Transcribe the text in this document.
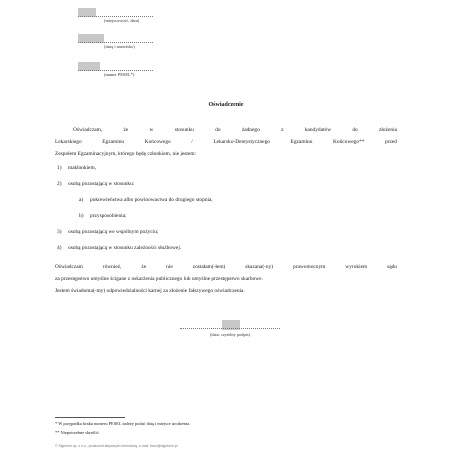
(miejscowość, data)
(imię i nazwisko)
(numer PESEL*)
Oświadczenie
Oświadczam, że w stosunku do żadnego z kandydatów do złożenia
Lekarskiego Egzaminu Końcowego / Lekarsko-Dentystycznego Egzaminu Końcowego** przed
Zespołem Egzaminacyjnym, którego będę członkiem, nie jestem:
1) małżonkiem,
2) osobą pozostającą w stosunku:
a) pokrewieństwa albo powinowactwa do drugiego stopnia,
b) przysposobienia;
3) osobą pozostającą we wspólnym pożyciu;
4) osobą pozostającą w stosunku zależności służbowej.
Oświadczam również, że nie zostałam(-łem) skazana(-ny) prawomocnym wyrokiem sądu
za przestępstwo umyślne ścigane z oskarżenia publicznego lub umyślne przestępstwo skarbowe.
Jestem świadoma(-my) odpowiedzialności karnej za złożenie fałszywego oświadczenia.
(data, czytelny podpis)
* W przypadku braku numeru PESEL należy podać datę i miejsce urodzenia.
** Niepotrzebne skreślić.
© Signform sp. z o.o., producent aktywnych formularzy, e-mail: biuro@signform.pl
